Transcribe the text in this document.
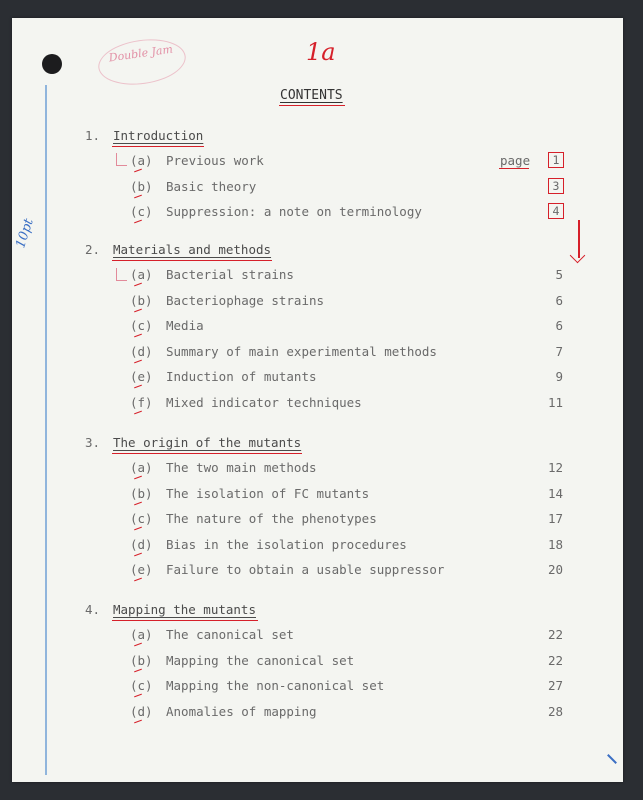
1a
10pt
Double Jam
CONTENTS
page
1. Introduction
(a) Previous work	1
(b) Basic theory	3
(c) Suppression: a note on terminology	4
2. Materials and methods
(a) Bacterial strains	5
(b) Bacteriophage strains	6
(c) Media	6
(d) Summary of main experimental methods	7
(e) Induction of mutants	9
(f) Mixed indicator techniques	11
3. The origin of the mutants
(a) The two main methods	12
(b) The isolation of FC mutants	14
(c) The nature of the phenotypes	17
(d) Bias in the isolation procedures	18
(e) Failure to obtain a usable suppressor	20
4. Mapping the mutants
(a) The canonical set	22
(b) Mapping the canonical set	22
(c) Mapping the non-canonical set	27
(d) Anomalies of mapping	28
